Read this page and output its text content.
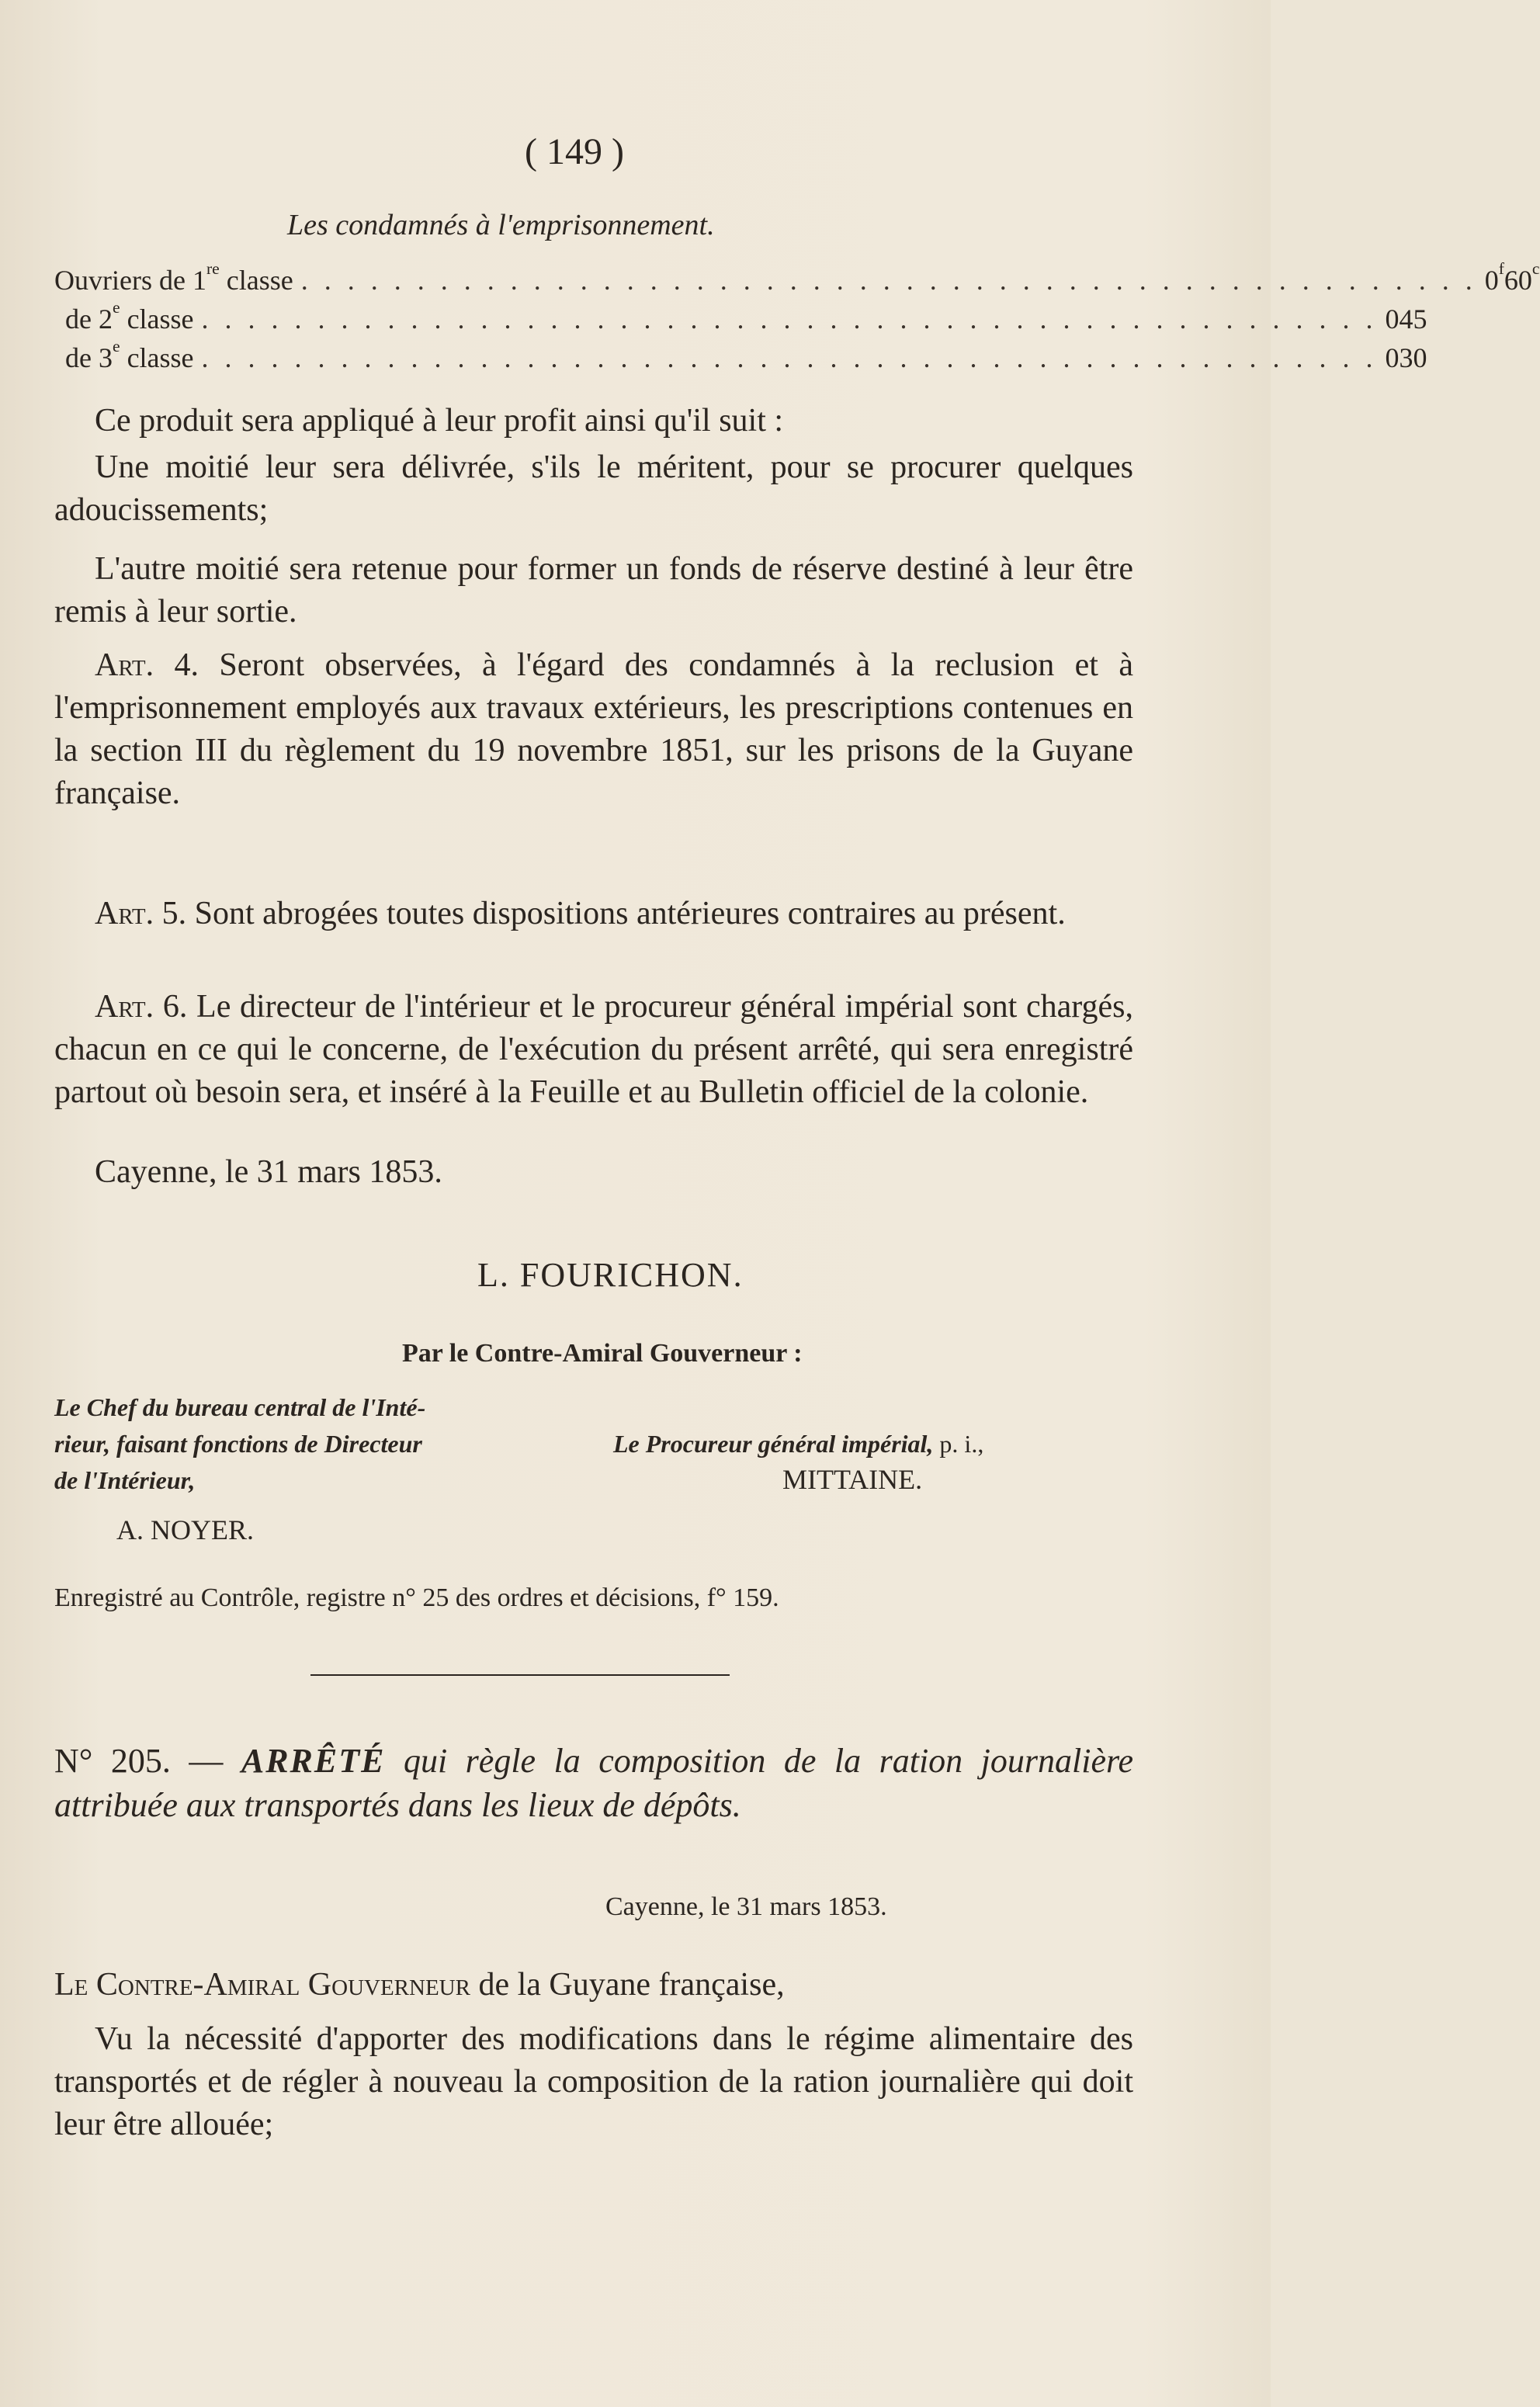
( 149 )
Les condamnés à l'emprisonnement.
Ouvriers de 1re classe . . . . . . . . . . . . . . . . . . . . . . . . . . . . . . . . . . . . . . . . . . . . . . . . . . . 0$^f$ 60$^c$
de 2e classe . . . . . . . . . . . . . . . . . . . . . . . . . . . . . . . . . . . . . . . . . . . . . . . . . . . 0 45
de 3e classe . . . . . . . . . . . . . . . . . . . . . . . . . . . . . . . . . . . . . . . . . . . . . . . . . . . 0 30

Ce produit sera appliqué à leur profit ainsi qu'il suit :

Une moitié leur sera délivrée, s'ils le méritent, pour se procurer quelques adoucissements;

L'autre moitié sera retenue pour former un fonds de réserve destiné à leur être remis à leur sortie.

Art. 4. Seront observées, à l'égard des condamnés à la reclusion et à l'emprisonnement employés aux travaux extérieurs, les prescriptions contenues en la section III du règlement du 19 novembre 1851, sur les prisons de la Guyane française.

Art. 5. Sont abrogées toutes dispositions antérieures contraires au présent.

Art. 6. Le directeur de l'intérieur et le procureur général impérial sont chargés, chacun en ce qui le concerne, de l'exécution du présent arrêté, qui sera enregistré partout où besoin sera, et inséré à la Feuille et au Bulletin officiel de la colonie.

Cayenne, le 31 mars 1853.

L. FOURICHON.
Par le Contre-Amiral Gouverneur :
Le Chef du bureau central de l'Inté-
rieur, faisant fonctions de Directeur
de l'Intérieur,
A. NOYER.
Le Procureur général impérial, p. i.,
MITTAINE.
Enregistré au Contrôle, registre n° 25 des ordres et décisions, f° 159.

N° 205. — ARRÊTÉ qui règle la composition de la ration journalière attribuée aux transportés dans les lieux de dépôts.

Cayenne, le 31 mars 1853.

Le Contre-Amiral Gouverneur de la Guyane française,

Vu la nécessité d'apporter des modifications dans le régime alimentaire des transportés et de régler à nouveau la composition de la ration journalière qui doit leur être allouée;
